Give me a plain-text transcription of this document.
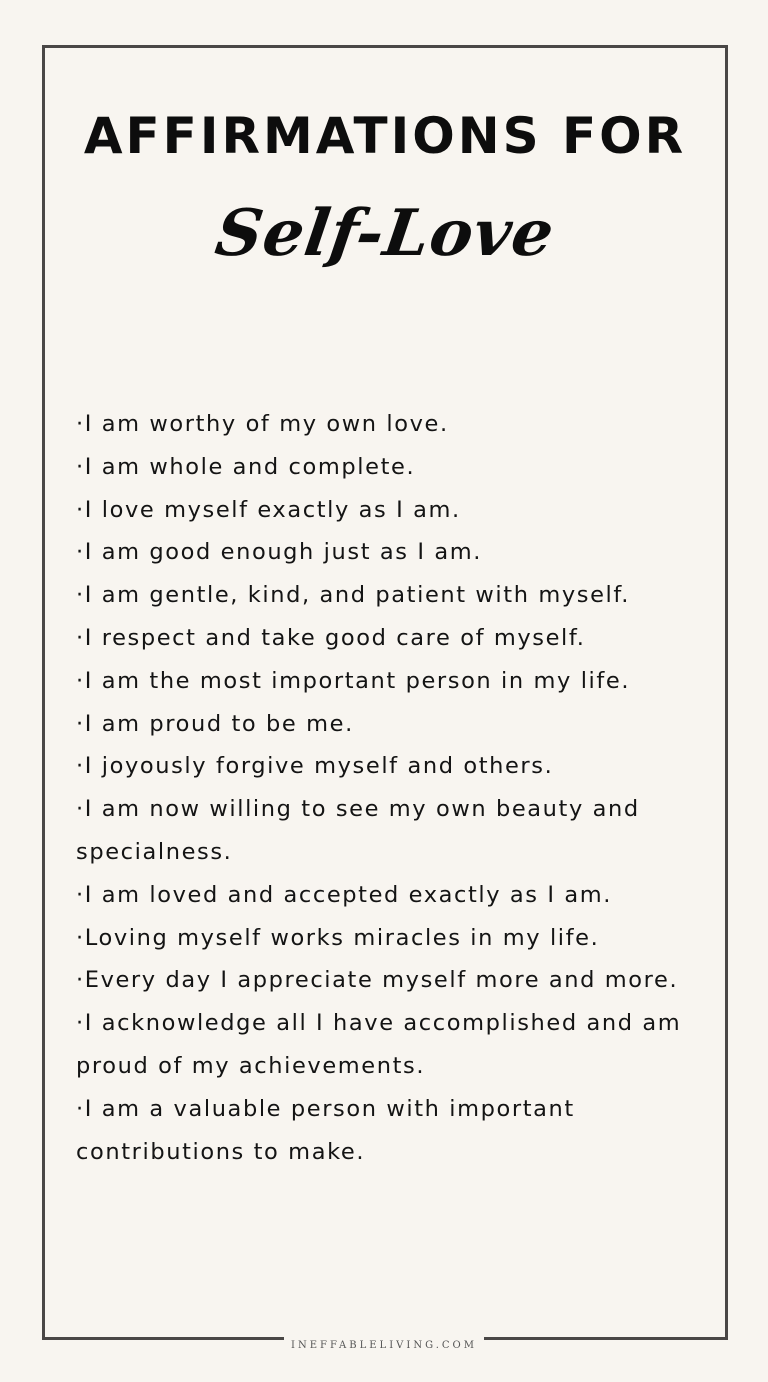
AFFIRMATIONS FOR
Self-Love
·I am worthy of my own love.
·I am whole and complete.
·I love myself exactly as I am.
·I am good enough just as I am.
·I am gentle, kind, and patient with myself.
·I respect and take good care of myself.
·I am the most important person in my life.
·I am proud to be me.
·I joyously forgive myself and others.
·I am now willing to see my own beauty and specialness.
·I am loved and accepted exactly as I am.
·Loving myself works miracles in my life.
·Every day I appreciate myself more and more.
·I acknowledge all I have accomplished and am proud of my achievements.
·I am a valuable person with important contributions to make.
INEFFABLELIVING.COM
